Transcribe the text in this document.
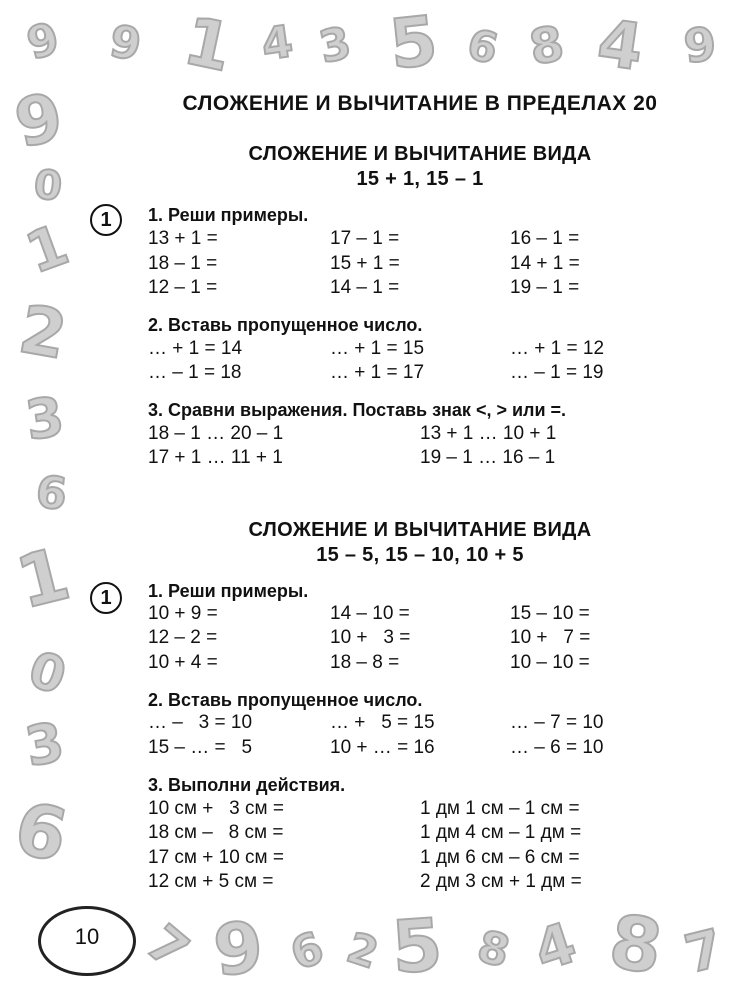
9 9 1 4 3 5 6 8 4 9
9
0
1
2
3
6
1
0
3
6
7 9 6 2 5 8 4 8 7
СЛОЖЕНИЕ И ВЫЧИТАНИЕ В ПРЕДЕЛАХ 20
СЛОЖЕНИЕ И ВЫЧИТАНИЕ ВИДА
15 + 1, 15 – 1
1	1. Реши примеры.
13 + 1 =	17 – 1 =	16 – 1 =
18 – 1 =	15 + 1 =	14 + 1 =
12 – 1 =	14 – 1 =	19 – 1 =
2. Вставь пропущенное число.
… + 1 = 14	… + 1 = 15	… + 1 = 12
… – 1 = 18	… + 1 = 17	… – 1 = 19
3. Сравни выражения. Поставь знак <, > или =.
18 – 1 … 20 – 1	13 + 1 … 10 + 1
17 + 1 … 11 + 1	19 – 1 … 16 – 1
СЛОЖЕНИЕ И ВЫЧИТАНИЕ ВИДА
15 – 5, 15 – 10, 10 + 5
1	1. Реши примеры.
10 + 9 =	14 – 10 =	15 – 10 =
12 – 2 =	10 +   3 =	10 +   7 =
10 + 4 =	18 – 8 =	10 – 10 =
2. Вставь пропущенное число.
… –   3 = 10	… +   5 = 15	… – 7 = 10
15 – … =   5	10 + … = 16	… – 6 = 10
3. Выполни действия.
10 см +   3 см =	1 дм 1 см – 1 см =
18 см –   8 см =	1 дм 4 см – 1 дм =
17 см + 10 см =	1 дм 6 см – 6 см =
12 см + 5 см =	2 дм 3 см + 1 дм =
10
